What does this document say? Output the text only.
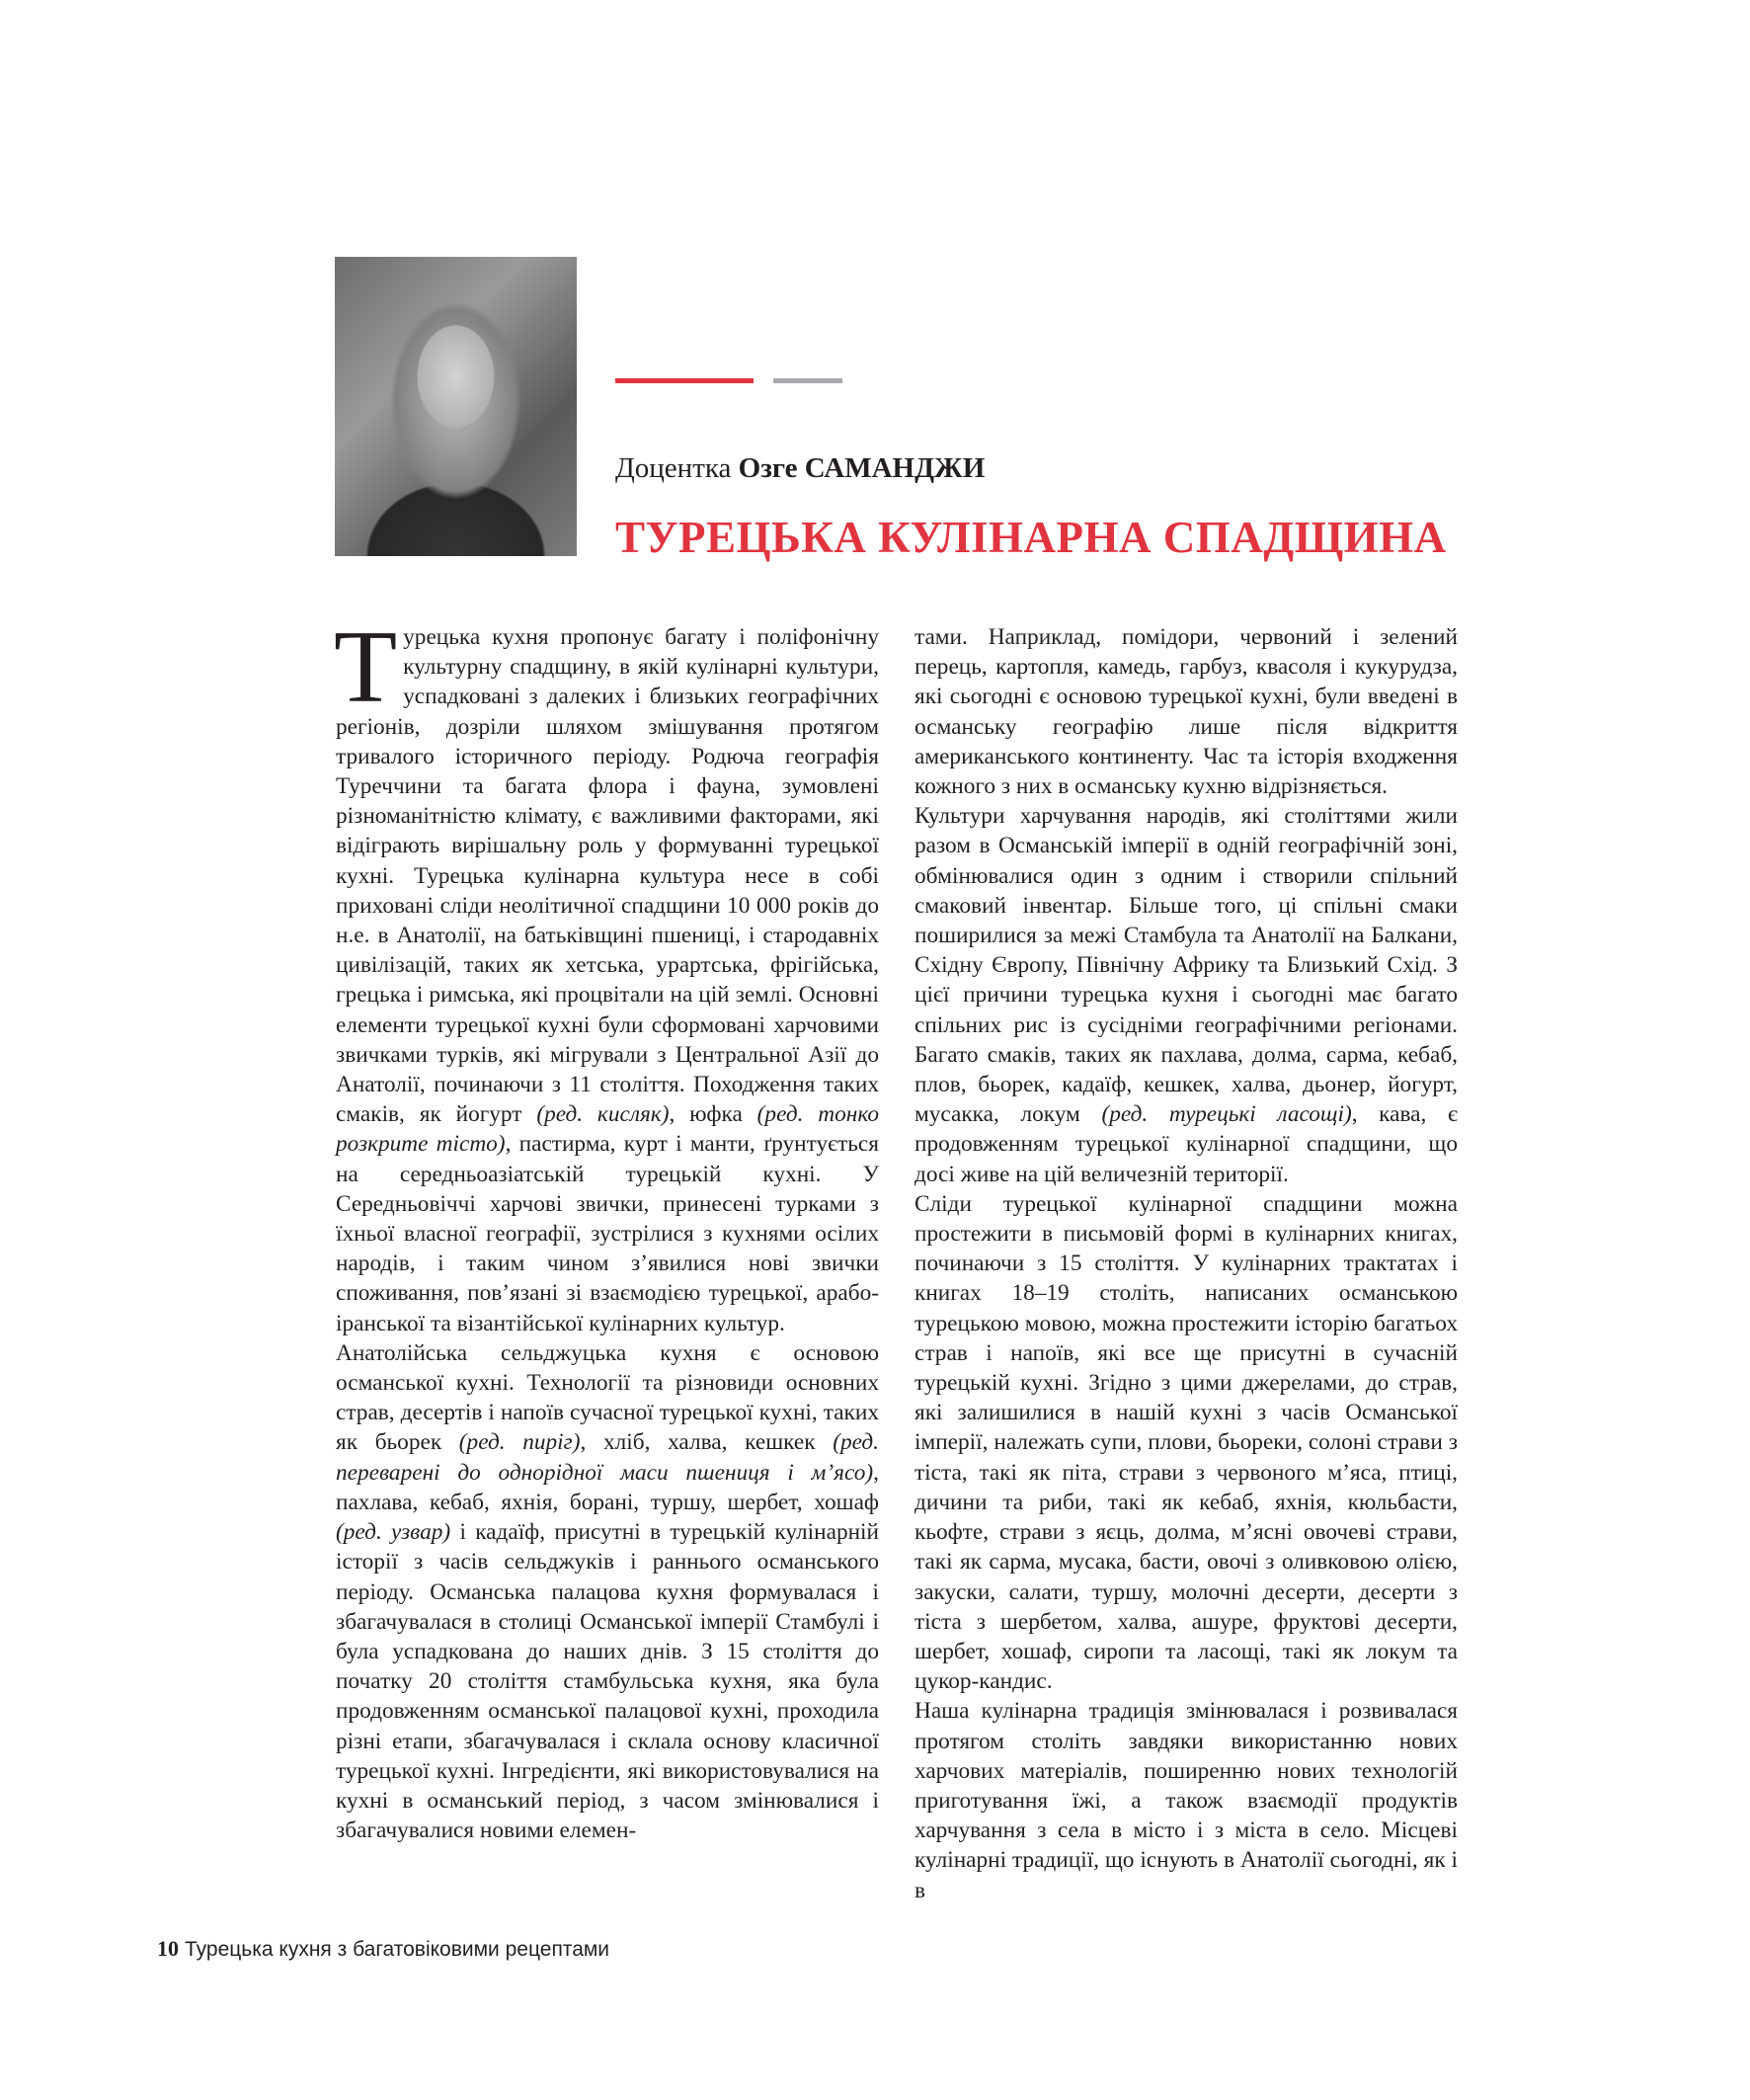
Доцентка Озге САМАНДЖИ
ТУРЕЦЬКА КУЛІНАРНА СПАДЩИНА

Турецька кухня пропонує багату і поліфонічну культурну спадщину, в якій кулінарні культури, успадковані з далеких і близьких географічних регіонів, дозріли шляхом змішування протягом тривалого історичного періоду. Родюча географія Туреччини та багата флора і фауна, зумовлені різноманітністю клімату, є важливими факторами, які відіграють вирішальну роль у формуванні турецької кухні. Турецька кулінарна культура несе в собі приховані сліди неолітичної спадщини 10 000 років до н.е. в Анатолії, на батьківщині пшениці, і стародавніх цивілізацій, таких як хетська, урартська, фрігійська, грецька і римська, які процвітали на цій землі. Основні елементи турецької кухні були сформовані харчовими звичками турків, які мігрували з Центральної Азії до Анатолії, починаючи з 11 століття. Походження таких смаків, як йогурт (ред. кисляк), юфка (ред. тонко розкрите тісто), пастирма, курт і манти, ґрунтується на середньоазіатській турецькій кухні. У Середньовіччі харчові звички, принесені турками з їхньої власної географії, зустрілися з кухнями осілих народів, і таким чином з’явилися нові звички споживання, пов’язані зі взаємодією турецької, арабо-іранської та візантійської кулінарних культур.

Анатолійська сельджуцька кухня є основою османської кухні. Технології та різновиди основних страв, десертів і напоїв сучасної турецької кухні, таких як бьорек (ред. пиріг), хліб, халва, кешкек (ред. переварені до однорідної маси пшениця і м’ясо), пахлава, кебаб, яхнія, борані, туршу, шербет, хошаф (ред. узвар) і кадаїф, присутні в турецькій кулінарній історії з часів сельджуків і раннього османського періоду. Османська палацова кухня формувалася і збагачувалася в столиці Османської імперії Стамбулі і була успадкована до наших днів. З 15 століття до початку 20 століття стамбульська кухня, яка була продовженням османської палацової кухні, проходила різні етапи, збагачувалася і склала основу класичної турецької кухні. Інгредієнти, які використовувалися на кухні в османський період, з часом змінювалися і збагачувалися новими елемен-

тами. Наприклад, помідори, червоний і зелений перець, картопля, камедь, гарбуз, квасоля і кукурудза, які сьогодні є основою турецької кухні, були введені в османську географію лише після відкриття американського континенту. Час та історія входження кожного з них в османську кухню відрізняється.

Культури харчування народів, які століттями жили разом в Османській імперії в одній географічній зоні, обмінювалися один з одним і створили спільний смаковий інвентар. Більше того, ці спільні смаки поширилися за межі Стамбула та Анатолії на Балкани, Східну Європу, Північну Африку та Близький Схід. З цієї причини турецька кухня і сьогодні має багато спільних рис із сусідніми географічними регіонами. Багато смаків, таких як пахлава, долма, сарма, кебаб, плов, бьорек, кадаїф, кешкек, халва, дьонер, йогурт, мусакка, локум (ред. турецькі ласощі), кава, є продовженням турецької кулінарної спадщини, що досі живе на цій величезній території.

Сліди турецької кулінарної спадщини можна простежити в письмовій формі в кулінарних книгах, починаючи з 15 століття. У кулінарних трактатах і книгах 18–19 століть, написаних османською турецькою мовою, можна простежити історію багатьох страв і напоїв, які все ще присутні в сучасній турецькій кухні. Згідно з цими джерелами, до страв, які залишилися в нашій кухні з часів Османської імперії, належать супи, плови, бьореки, солоні страви з тіста, такі як піта, страви з червоного м’яса, птиці, дичини та риби, такі як кебаб, яхнія, кюльбасти, кьофте, страви з яєць, долма, м’ясні овочеві страви, такі як сарма, мусака, басти, овочі з оливковою олією, закуски, салати, туршу, молочні десерти, десерти з тіста з шербетом, халва, ашуре, фруктові десерти, шербет, хошаф, сиропи та ласощі, такі як локум та цукор-кандис.

Наша кулінарна традиція змінювалася і розвивалася протягом століть завдяки використанню нових харчових матеріалів, поширенню нових технологій приготування їжі, а також взаємодії продуктів харчування з села в місто і з міста в село. Місцеві кулінарні традиції, що існують в Анатолії сьогодні, як і в

10 Турецька кухня з багатовіковими рецептами
